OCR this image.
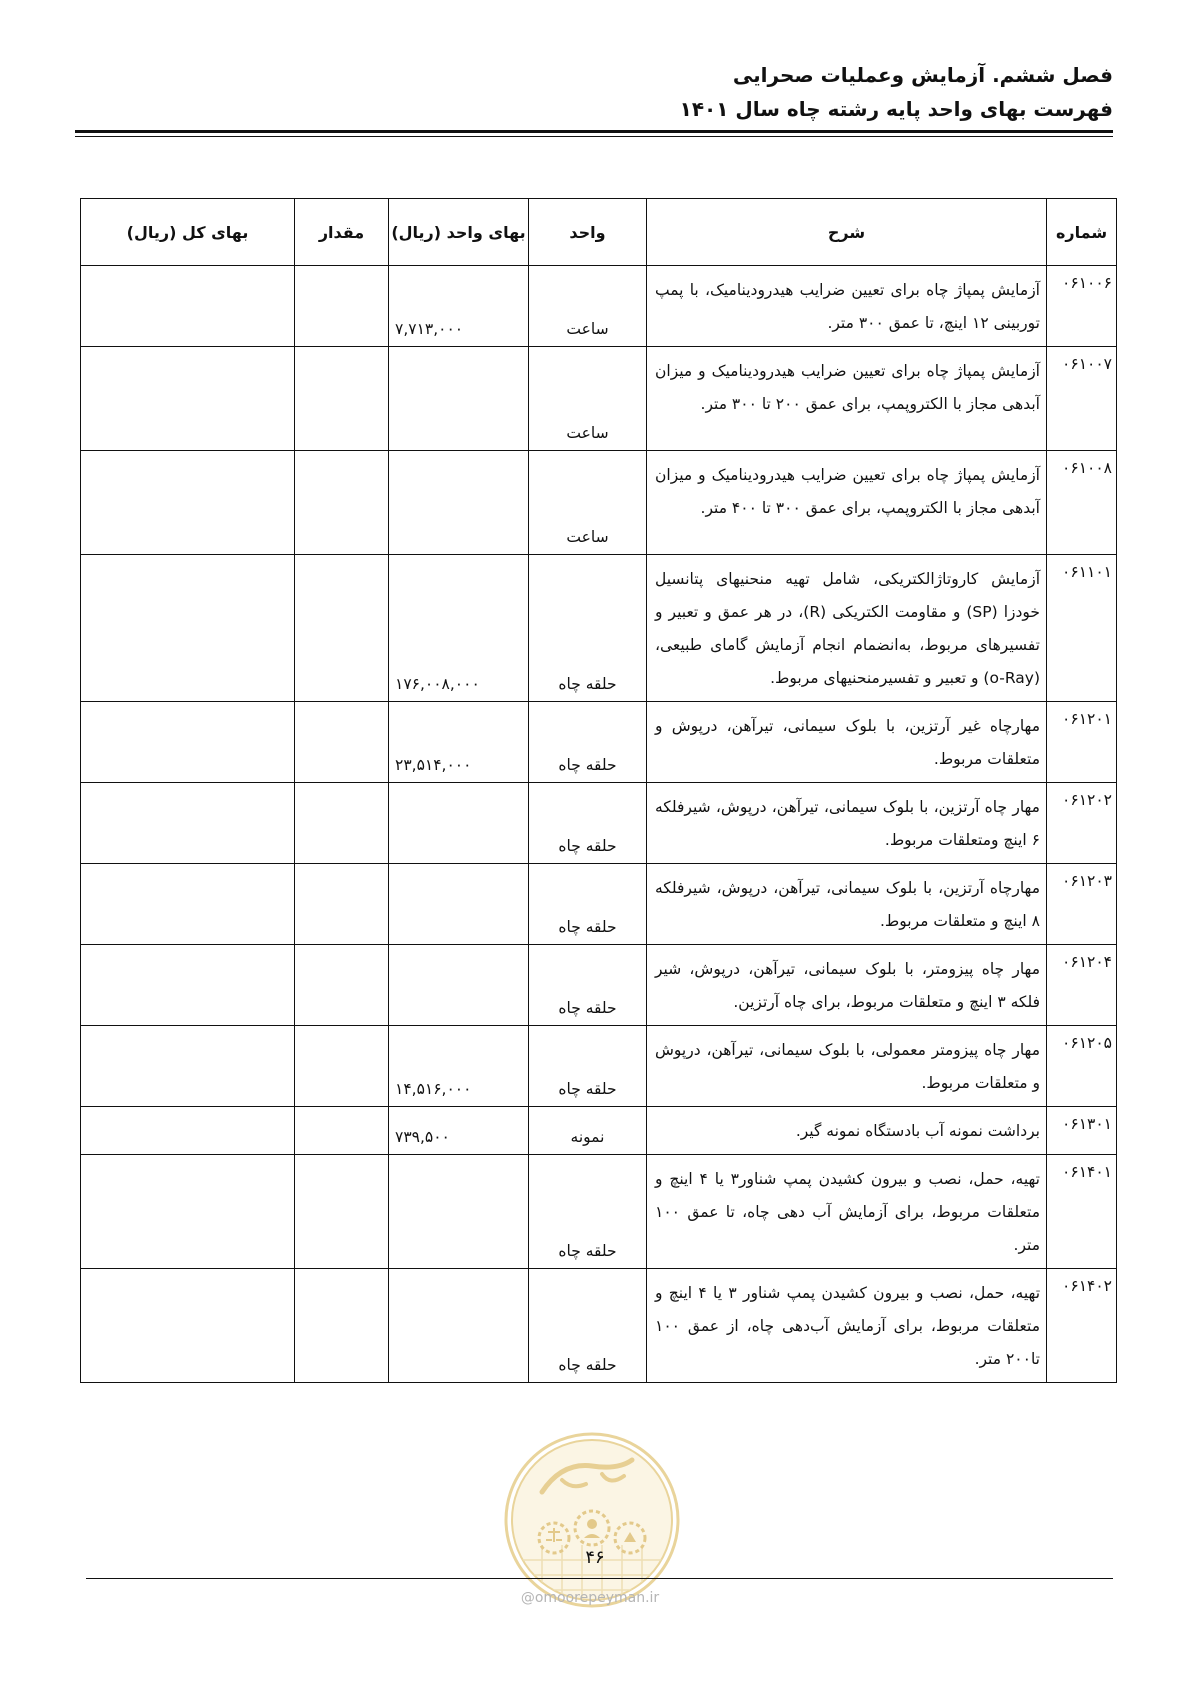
فصل ششم. آزمایش وعملیات صحرایی
فهرست بهای واحد پایه رشته چاه سال ۱۴۰۱
شماره	شرح	واحد	بهای واحد (ریال)	مقدار	بهای کل (ریال)
۰۶۱۰۰۶	آزمایش پمپاژ چاه برای تعیین ضرایب هیدرودینامیک، با پمپ توربینی ۱۲ اینچ، تا عمق ۳۰۰ متر.	ساعت	۷,۷۱۳,۰۰۰		
۰۶۱۰۰۷	آزمایش پمپاژ چاه برای تعیین ضرایب هیدرودینامیک و میزان آبدهی مجاز با الکتروپمپ، برای عمق ۲۰۰ تا ۳۰۰ متر.	ساعت			
۰۶۱۰۰۸	آزمایش پمپاژ چاه برای تعیین ضرایب هیدرودینامیک و میزان آبدهی مجاز با الکتروپمپ، برای عمق ۳۰۰ تا ۴۰۰ متر.	ساعت			
۰۶۱۱۰۱	آزمایش کاروتاژالکتریکی، شامل تهیه منحنیهای پتانسیل خودزا (SP) و مقاومت الکتریکی (R)، در هر عمق و تعبیر و تفسیرهای مربوط، به‌انضمام انجام آزمایش گامای طبیعی، (o-Ray) و تعبیر و تفسیرمنحنیهای مربوط.	حلقه چاه	۱۷۶,۰۰۸,۰۰۰		
۰۶۱۲۰۱	مهارچاه غیر آرتزین، با بلوک سیمانی، تیرآهن، درپوش و متعلقات مربوط.	حلقه چاه	۲۳,۵۱۴,۰۰۰		
۰۶۱۲۰۲	مهار چاه آرتزین، با بلوک سیمانی، تیرآهن، درپوش، شیرفلکه ۶ اینچ ومتعلقات مربوط.	حلقه چاه			
۰۶۱۲۰۳	مهارچاه آرتزین، با بلوک سیمانی، تیرآهن، درپوش، شیرفلکه ۸ اینچ و متعلقات مربوط.	حلقه چاه			
۰۶۱۲۰۴	مهار چاه پیزومتر، با بلوک سیمانی، تیرآهن، درپوش، شیر فلکه ۳ اینچ و متعلقات مربوط، برای چاه آرتزین.	حلقه چاه			
۰۶۱۲۰۵	مهار چاه پیزومتر معمولی، با بلوک سیمانی، تیرآهن، درپوش و متعلقات مربوط.	حلقه چاه	۱۴,۵۱۶,۰۰۰		
۰۶۱۳۰۱	برداشت نمونه آب بادستگاه نمونه گیر.	نمونه	۷۳۹,۵۰۰		
۰۶۱۴۰۱	تهیه، حمل، نصب و بیرون کشیدن پمپ شناور۳ یا ۴ اینچ و متعلقات مربوط، برای آزمایش آب دهی چاه، تا عمق ۱۰۰ متر.	حلقه چاه			
۰۶۱۴۰۲	تهیه، حمل، نصب و بیرون کشیدن پمپ شناور ۳ یا ۴ اینچ و متعلقات مربوط، برای آزمایش آب‌دهی چاه، از عمق ۱۰۰ تا۲۰۰ متر.	حلقه چاه			
۴۶
@omoorepeyman.ir
